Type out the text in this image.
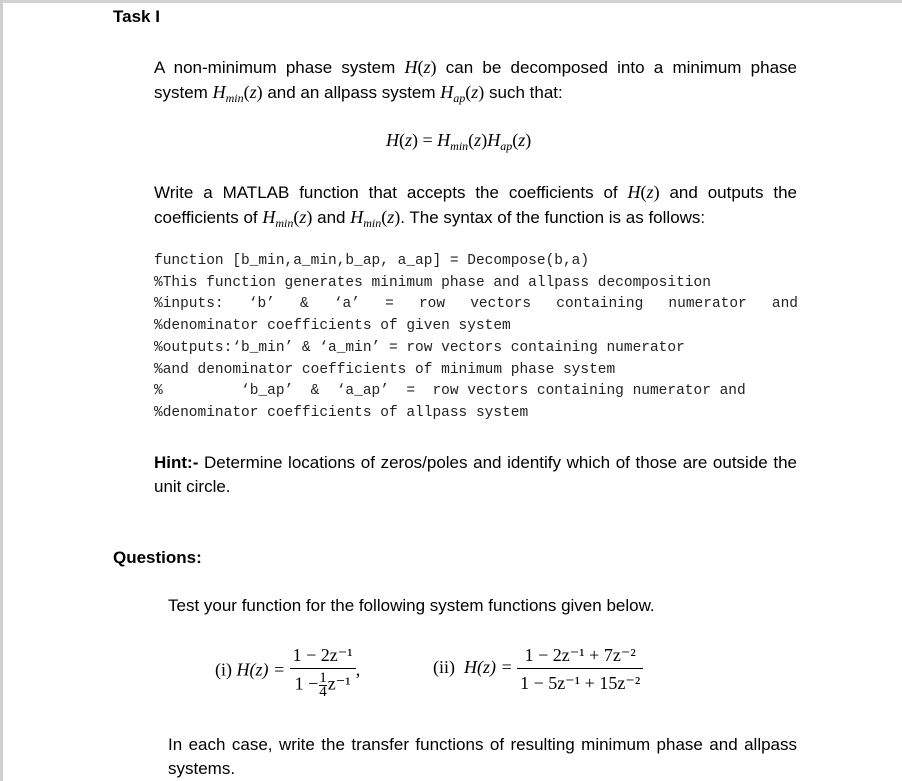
Task I
A non-minimum phase system H(z) can be decomposed into a minimum phase system $H_{min}(z)$ and an allpass system $H_{ap}(z)$ such that:
$H(z) = H_{min}(z)H_{ap}(z)$
Write a MATLAB function that accepts the coefficients of H(z) and outputs the coefficients of $H_{min}(z)$ and $H_{min}(z)$. The syntax of the function is as follows:
function [b_min,a_min,b_ap, a_ap] = Decompose(b,a)
%This function generates minimum phase and allpass decomposition
%inputs: ‘b’ & ‘a’ = row vectors containing numerator and
%denominator coefficients of given system
%outputs:‘b_min’ & ‘a_min’ = row vectors containing numerator
%and denominator coefficients of minimum phase system
%         ‘b_ap’  &  ‘a_ap’  =  row vectors containing numerator and
%denominator coefficients of allpass system
Hint:- Determine locations of zeros/poles and identify which of those are outside the unit circle.
Questions:
Test your function for the following system functions given below.
(i) $H(z) = \frac{\text{1 − 2z⁻¹}}{1 - \frac{1}{4} z^{-1}}$ ,	(ii) $H(z) = \frac{\text{1 − 2z⁻¹ + 7z⁻²}}{\text{1 − 5z⁻¹ + 15z⁻²}}$
In each case, write the transfer functions of resulting minimum phase and allpass systems.
